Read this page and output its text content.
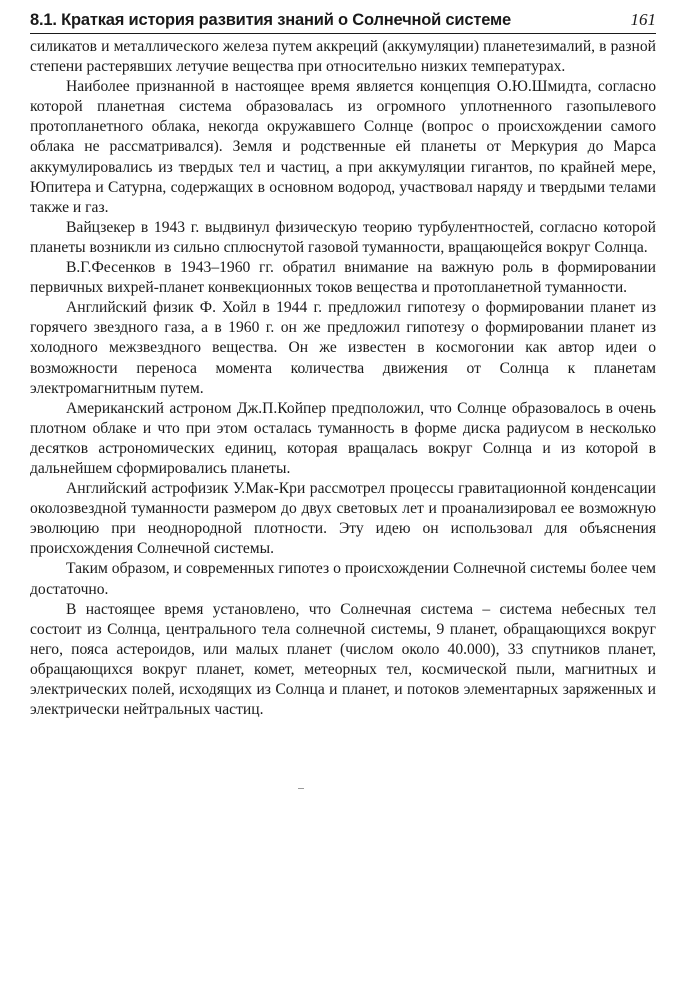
8.1. Краткая история развития знаний о Солнечной системе	161

силикатов и металлического железа путем аккреций (аккумуляции) планетезималий, в разной степени растерявших летучие вещества при относительно низких температурах.

Наиболее признанной в настоящее время является концепция О.Ю.Шмидта, согласно которой планетная система образовалась из огромного уплотненного газопылевого протопланетного облака, некогда окружавшего Солнце (вопрос о происхождении самого облака не рассматривался). Земля и родственные ей планеты от Меркурия до Марса аккумулировались из твердых тел и частиц, а при аккумуляции гигантов, по крайней мере, Юпитера и Сатурна, содержащих в основном водород, участвовал наряду и твердыми телами также и газ.

Вайцзекер в 1943 г. выдвинул физическую теорию турбулентностей, согласно которой планеты возникли из сильно сплюснутой газовой туманности, вращающейся вокруг Солнца.

В.Г.Фесенков в 1943–1960 гг. обратил внимание на важную роль в формировании первичных вихрей-планет конвекционных токов вещества и протопланетной туманности.

Английский физик Ф. Хойл в 1944 г. предложил гипотезу о формировании планет из горячего звездного газа, а в 1960 г. он же предложил гипотезу о формировании планет из холодного межзвездного вещества. Он же известен в космогонии как автор идеи о возможности переноса момента количества движения от Солнца к планетам электромагнитным путем.

Американский астроном Дж.П.Койпер предположил, что Солнце образовалось в очень плотном облаке и что при этом осталась туманность в форме диска радиусом в несколько десятков астрономических единиц, которая вращалась вокруг Солнца и из которой в дальнейшем сформировались планеты.

Английский астрофизик У.Мак-Кри рассмотрел процессы гравитационной конденсации околозвездной туманности размером до двух световых лет и проанализировал ее возможную эволюцию при неоднородной плотности. Эту идею он использовал для объяснения происхождения Солнечной системы.

Таким образом, и современных гипотез о происхождении Солнечной системы более чем достаточно.

В настоящее время установлено, что Солнечная система – система небесных тел состоит из Солнца, центрального тела солнечной системы, 9 планет, обращающихся вокруг него, пояса астероидов, или малых планет (числом около 40.000), 33 спутников планет, обращающихся вокруг планет, комет, метеорных тел, космической пыли, магнитных и электрических полей, исходящих из Солнца и планет, и потоков элементарных заряженных и электрически нейтральных частиц.
